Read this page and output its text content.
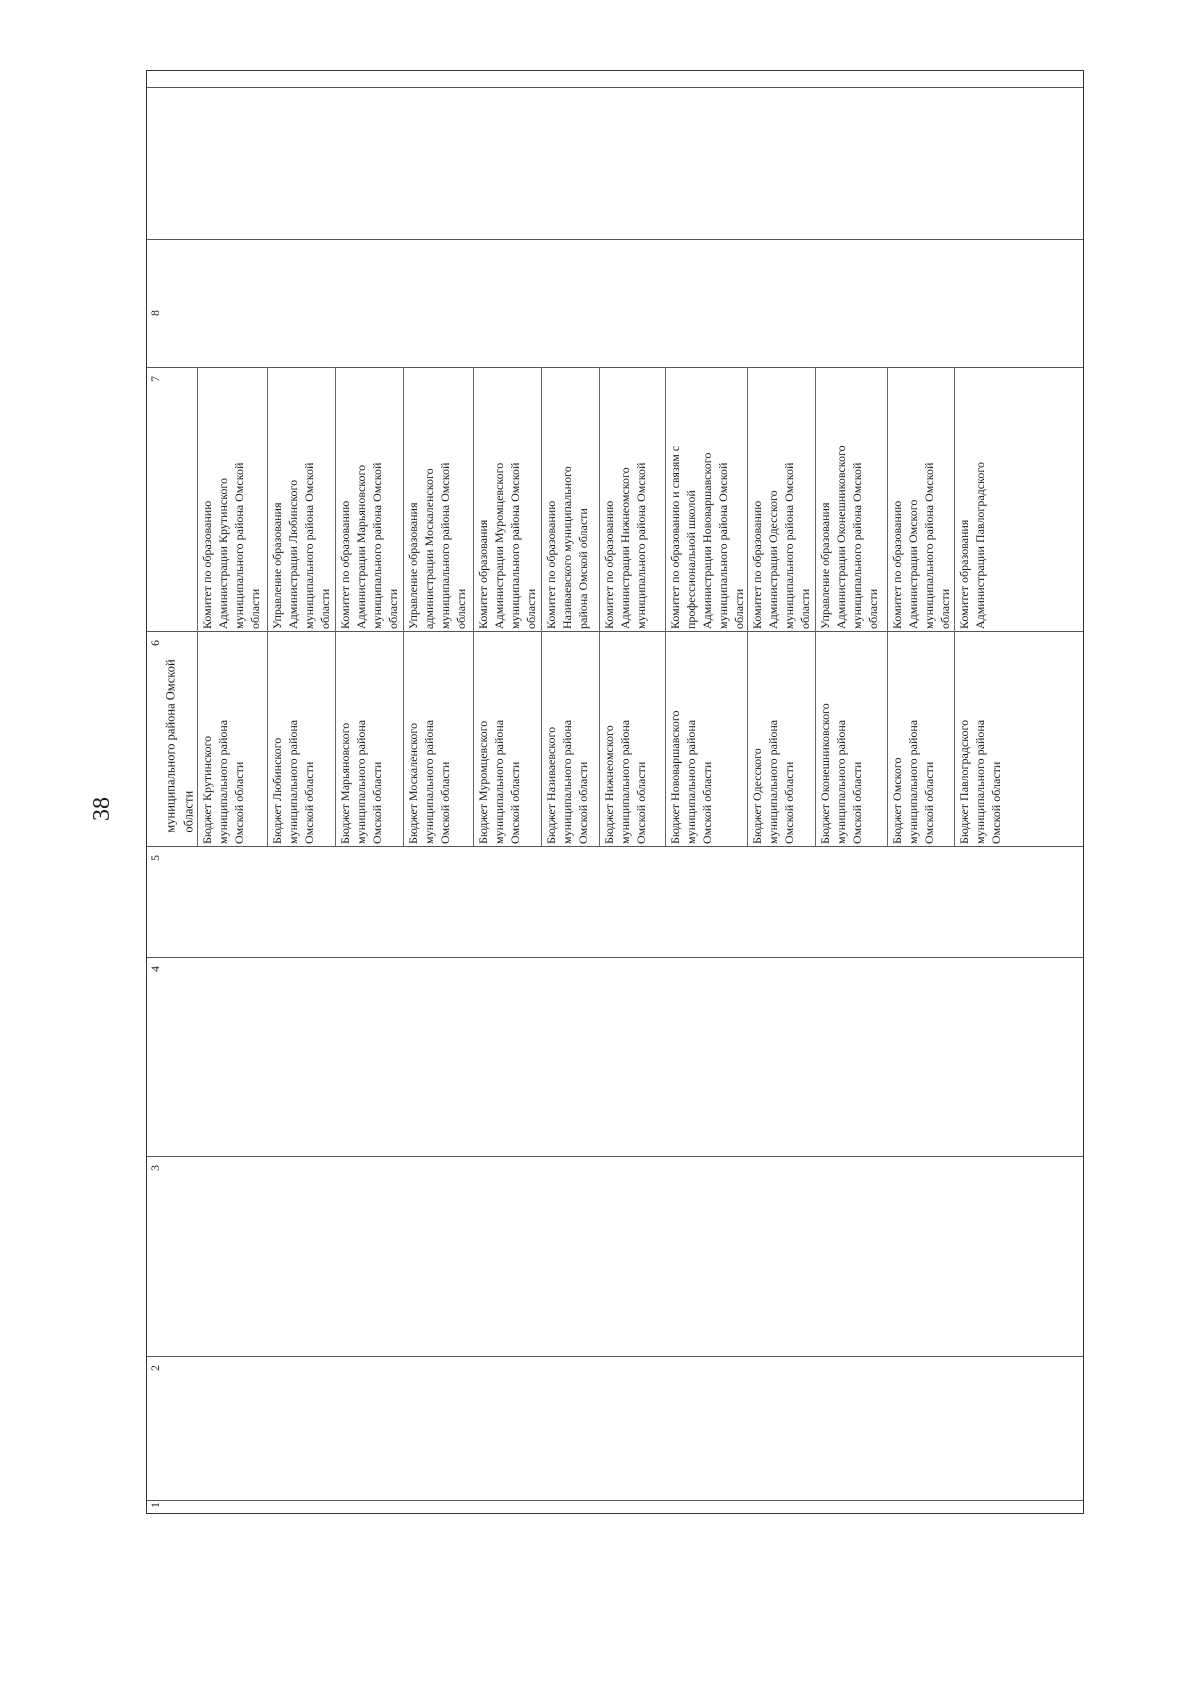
38
1
2
3
4
5
6
7
8
муниципального района Омской области Бюджет Крутинского муниципального района Омской области
Комитет по образованию Администрации Крутинского муниципального района Омской области
Бюджет Любинского муниципального района Омской области
Управление образования Администрации Любинского муниципального района Омской области
Бюджет Марьяновского муниципального района Омской области
Комитет по образованию Администрации Марьяновского муниципального района Омской области
Бюджет Москаленского муниципального района Омской области
Управление образования администрации Москаленского муниципального района Омской области
Бюджет Муромцевского муниципального района Омской области
Комитет образования Администрации Муромцевского муниципального района Омской области
Бюджет Називаевского муниципального района Омской области
Комитет по образованию Називаевского муниципального района Омской области
Бюджет Нижнеомского муниципального района Омской области
Комитет по образованию Администрации Нижнеомского муниципального района Омской
Бюджет Нововаршавского муниципального района Омской области
Комитет по образованию и связям с профессиональной школой Администрации Нововаршавского муниципального района Омской области
Бюджет Одесского муниципального района Омской области
Комитет по образованию Администрации Одесского муниципального района Омской области
Бюджет Оконешниковского муниципального района Омской области
Управление образования Администрации Оконешниковского муниципального района Омской области
Бюджет Омского муниципального района Омской области
Комитет по образованию Администрации Омского муниципального района Омской области
Бюджет Павлоградского муниципального района Омской области
Комитет образования Администрации Павлоградского
